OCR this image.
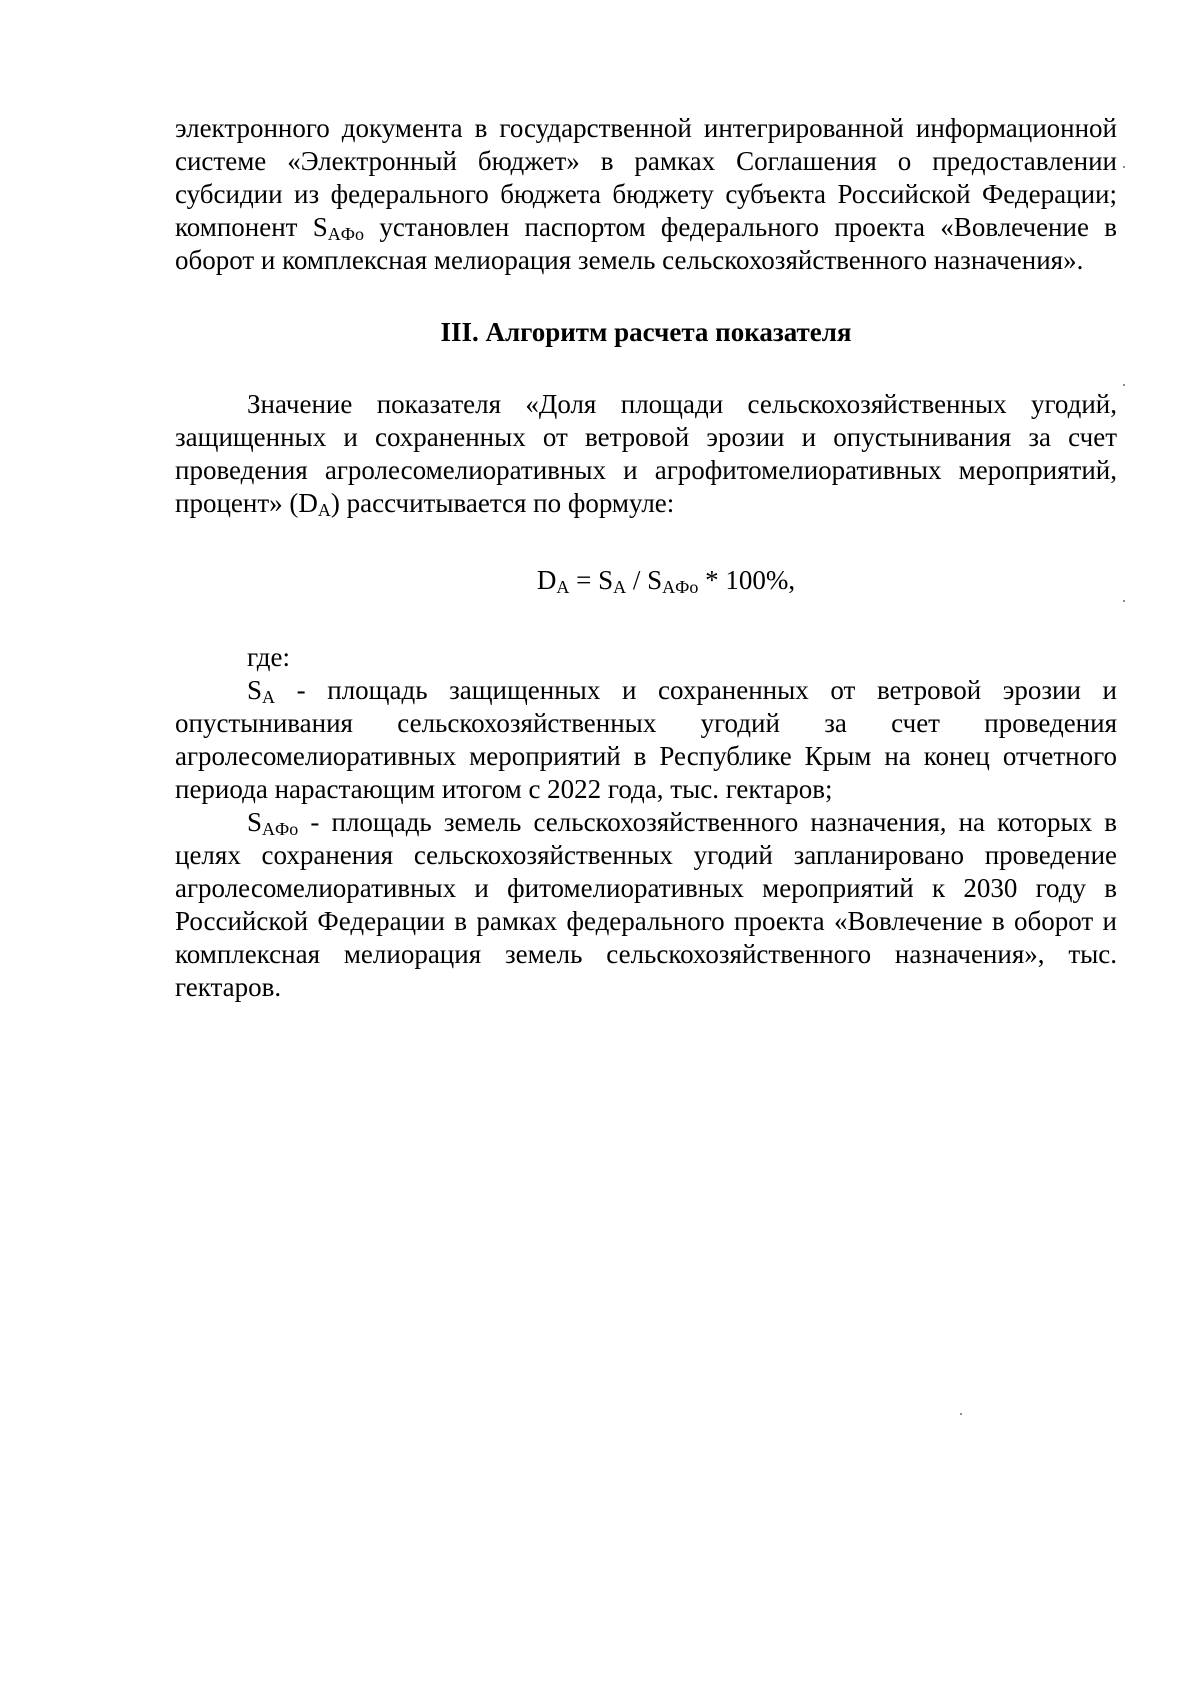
электронного документа в государственной интегрированной информационной системе «Электронный бюджет» в рамках Соглашения о предоставлении субсидии из федерального бюджета бюджету субъекта Российской Федерации; компонент $S_{AФо}$ установлен паспортом федерального проекта «Вовлечение в оборот и комплексная мелиорация земель сельскохозяйственного назначения».

III. Алгоритм расчета показателя

Значение показателя «Доля площади сельскохозяйственных угодий, защищенных и сохраненных от ветровой эрозии и опустынивания за счет проведения агролесомелиоративных и агрофитомелиоративных мероприятий, процент» $(D_A)$ рассчитывается по формуле:

$D_A = S_A / S_{AФо} * 100\%$,

где:

$S_A$ - площадь защищенных и сохраненных от ветровой эрозии и опустынивания сельскохозяйственных угодий за счет проведения агролесомелиоративных мероприятий в Республике Крым на конец отчетного периода нарастающим итогом с 2022 года, тыс. гектаров;

$S_{AФо}$ - площадь земель сельскохозяйственного назначения, на которых в целях сохранения сельскохозяйственных угодий запланировано проведение агролесомелиоративных и фитомелиоративных мероприятий к 2030 году в Российской Федерации в рамках федерального проекта «Вовлечение в оборот и комплексная мелиорация земель сельскохозяйственного назначения», тыс. гектаров.
